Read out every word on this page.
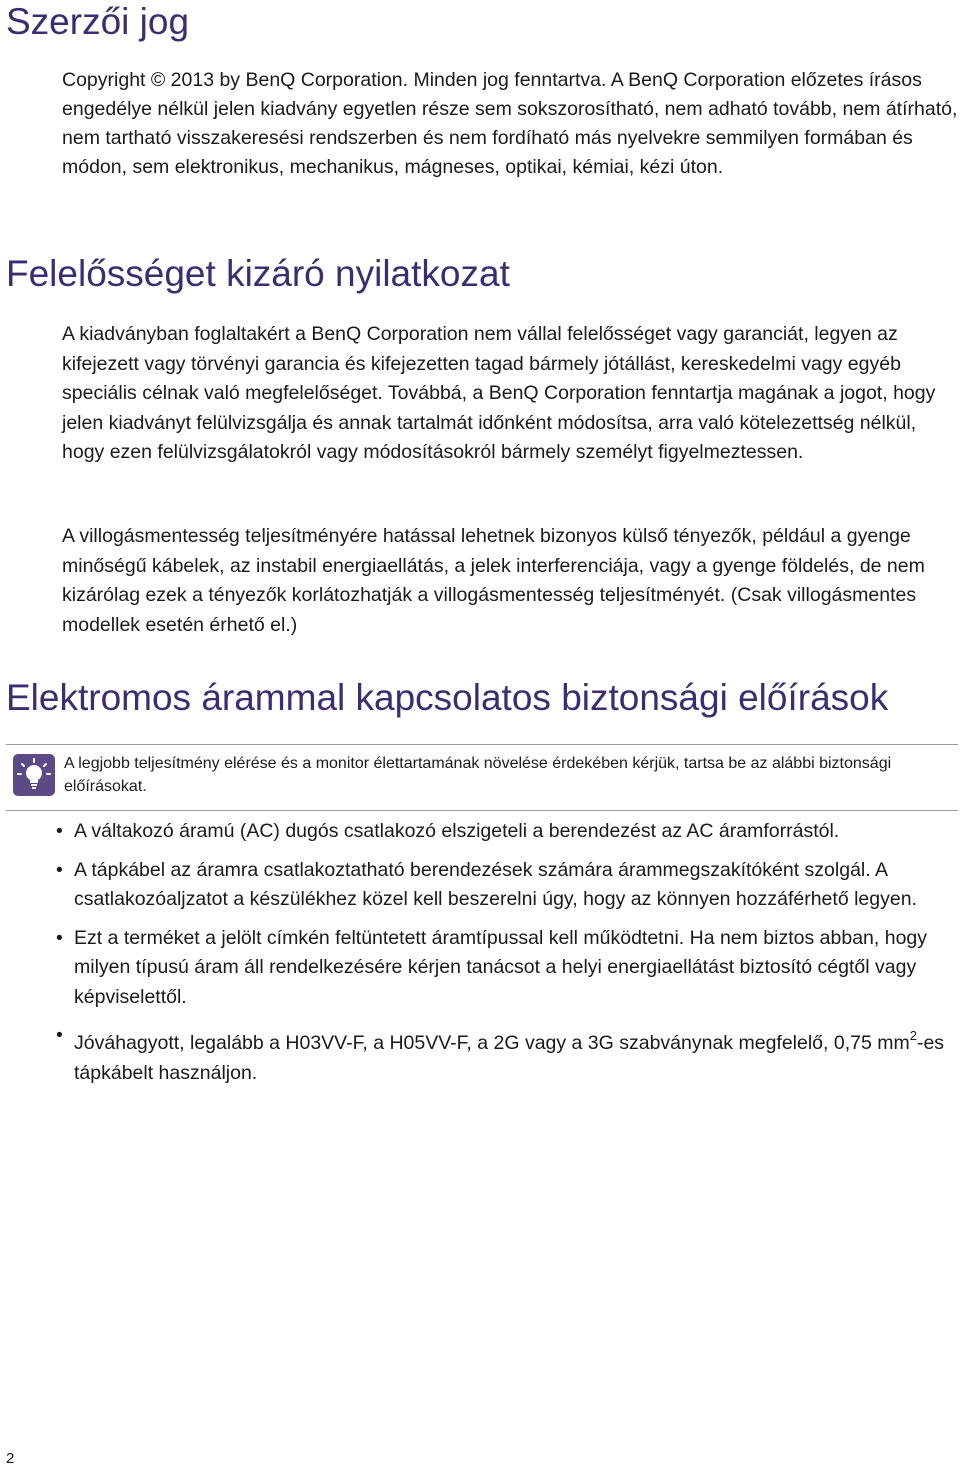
Szerzői jog

Copyright © 2013 by BenQ Corporation. Minden jog fenntartva. A BenQ Corporation előzetes írásos engedélye nélkül jelen kiadvány egyetlen része sem sokszorosítható, nem adható tovább, nem átírható, nem tartható visszakeresési rendszerben és nem fordíható más nyelvekre semmilyen formában és módon, sem elektronikus, mechanikus, mágneses, optikai, kémiai, kézi úton.

Felelősséget kizáró nyilatkozat

A kiadványban foglaltakért a BenQ Corporation nem vállal felelősséget vagy garanciát, legyen az kifejezett vagy törvényi garancia és kifejezetten tagad bármely jótállást, kereskedelmi vagy egyéb speciális célnak való megfelelőséget. Továbbá, a BenQ Corporation fenntartja magának a jogot, hogy jelen kiadványt felülvizsgálja és annak tartalmát időnként módosítsa, arra való kötelezettség nélkül, hogy ezen felülvizsgálatokról vagy módosításokról bármely személyt figyelmeztessen.

A villogásmentesség teljesítményére hatással lehetnek bizonyos külső tényezők, például a gyenge minőségű kábelek, az instabil energiaellátás, a jelek interferenciája, vagy a gyenge földelés, de nem kizárólag ezek a tényezők korlátozhatják a villogásmentesség teljesítményét. (Csak villogásmentes modellek esetén érhető el.)

Elektromos árammal kapcsolatos biztonsági előírások

A legjobb teljesítmény elérése és a monitor élettartamának növelése érdekében kérjük, tartsa be az alábbi biztonsági előírásokat.

• A váltakozó áramú (AC) dugós csatlakozó elszigeteli a berendezést az AC áramforrástól.
• A tápkábel az áramra csatlakoztatható berendezések számára árammegszakítóként szolgál. A csatlakozóaljzatot a készülékhez közel kell beszerelni úgy, hogy az könnyen hozzáférhető legyen.
• Ezt a terméket a jelölt címkén feltüntetett áramtípussal kell működtetni. Ha nem biztos abban, hogy milyen típusú áram áll rendelkezésére kérjen tanácsot a helyi energiaellátást biztosító cégtől vagy képviselettől.
• Jóváhagyott, legalább a H03VV-F, a H05VV-F, a 2G vagy a 3G szabványnak megfelelő, 0,75 $mm^2-es$ tápkábelt használjon.
2
